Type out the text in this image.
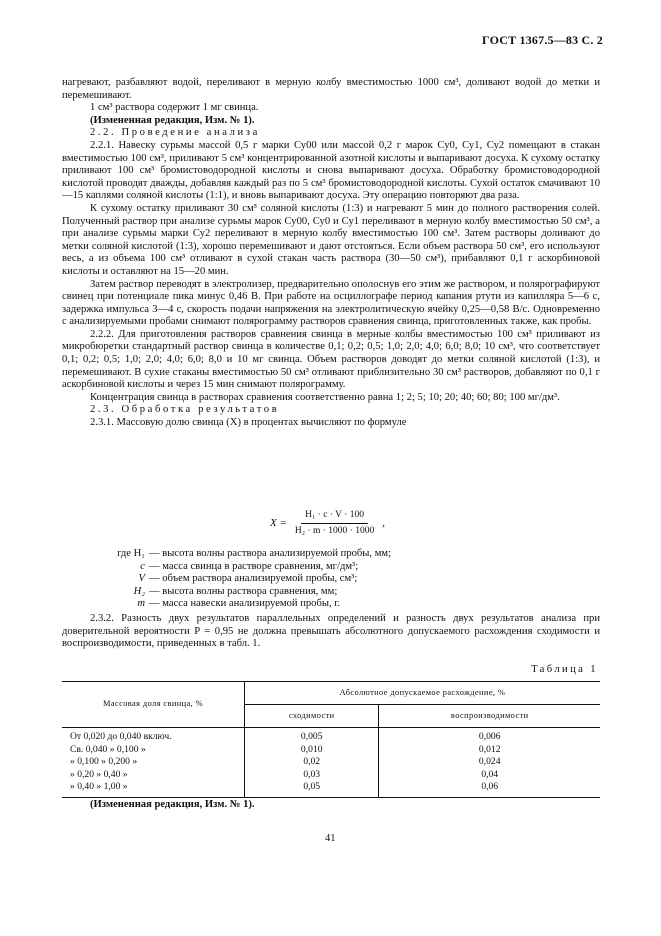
ГОСТ 1367.5—83 С. 2

нагревают, разбавляют водой, переливают в мерную колбу вместимостью 1000 см³, доливают водой до метки и перемешивают.

1 см³ раствора содержит 1 мг свинца.

(Измененная редакция, Изм. № 1).

2.2. Проведение анализа

2.2.1. Навеску сурьмы массой 0,5 г марки Су00 или массой 0,2 г марок Су0, Су1, Су2 помещают в стакан вместимостью 100 см³, приливают 5 см³ концентрированной азотной кислоты и выпаривают досуха. К сухому остатку приливают 100 см³ бромистоводородной кислоты и снова выпаривают досуха. Обработку бромистоводородной кислотой проводят дважды, добавляя каждый раз по 5 см³ бромистоводородной кислоты. Сухой остаток смачивают 10—15 каплями соляной кислоты (1:1), и вновь выпаривают досуха. Эту операцию повторяют два раза.

К сухому остатку приливают 30 см³ соляной кислоты (1:3) и нагревают 5 мин до полного растворения солей. Полученный раствор при анализе сурьмы марок Су00, Су0 и Су1 переливают в мерную колбу вместимостью 50 см³, а при анализе сурьмы марки Су2 переливают в мерную колбу вместимостью 100 см³. Затем растворы доливают до метки соляной кислотой (1:3), хорошо перемешивают и дают отстояться. Если объем раствора 50 см³, его используют весь, а из объема 100 см³ отливают в сухой стакан часть раствора (30—50 см³), прибавляют 0,1 г аскорбиновой кислоты и оставляют на 15—20 мин.

Затем раствор переводят в электролизер, предварительно ополоснув его этим же раствором, и полярографируют свинец при потенциале пика минус 0,46 В. При работе на осциллографе период капания ртути из капилляра 5—6 с, задержка импульса 3—4 с, скорость подачи напряжения на электролитическую ячейку 0,25—0,58 В/с. Одновременно с анализируемыми пробами снимают полярограмму растворов сравнения свинца, приготовленных также, как пробы.

2.2.2. Для приготовления растворов сравнения свинца в мерные колбы вместимостью 100 см³ приливают из микробюретки стандартный раствор свинца в количестве 0,1; 0,2; 0,5; 1,0; 2,0; 4,0; 6,0; 8,0; 10 см³, что соответствует 0,1; 0,2; 0,5; 1,0; 2,0; 4,0; 6,0; 8,0 и 10 мг свинца. Объем растворов доводят до метки соляной кислотой (1:3), и перемешивают. В сухие стаканы вместимостью 50 см³ отливают приблизительно 30 см³ растворов, добавляют по 0,1 г аскорбиновой кислоты и через 15 мин снимают полярограмму.

Концентрация свинца в растворах сравнения соответственно равна 1; 2; 5; 10; 20; 40; 60; 80; 100 мг/дм³.

2.3. Обработка результатов

2.3.1. Массовую долю свинца (X) в процентах вычисляют по формуле

$X = \frac{\text{H₁ · c · V · 100}}{\text{H₂ · m · 1000 · 1000}}$ ,
где H₁ — высота волны раствора анализируемой пробы, мм;
c — масса свинца в растворе сравнения, мг/дм³;
V — объем раствора анализируемой пробы, см³;
H₂ — высота волны раствора сравнения, мм;
m — масса навески анализируемой пробы, г.

2.3.2. Разность двух результатов параллельных определений и разность двух результатов анализа при доверительной вероятности P = 0,95 не должна превышать абсолютного допускаемого расхождения сходимости и воспроизводимости, приведенных в табл. 1.

Таблица 1
Массовая доля свинца, %	Абсолютное допускаемое расхождение, %	
	сходимости	воспроизводимости
От 0,020 до 0,040 включ.	0,005	0,006
Св. 0,040 » 0,100 »	0,010	0,012
» 0,100 » 0,200 »	0,02	0,024
» 0,20 » 0,40 »	0,03	0,04
» 0,40 » 1,00 »	0,05	0,06
(Измененная редакция, Изм. № 1).
41
